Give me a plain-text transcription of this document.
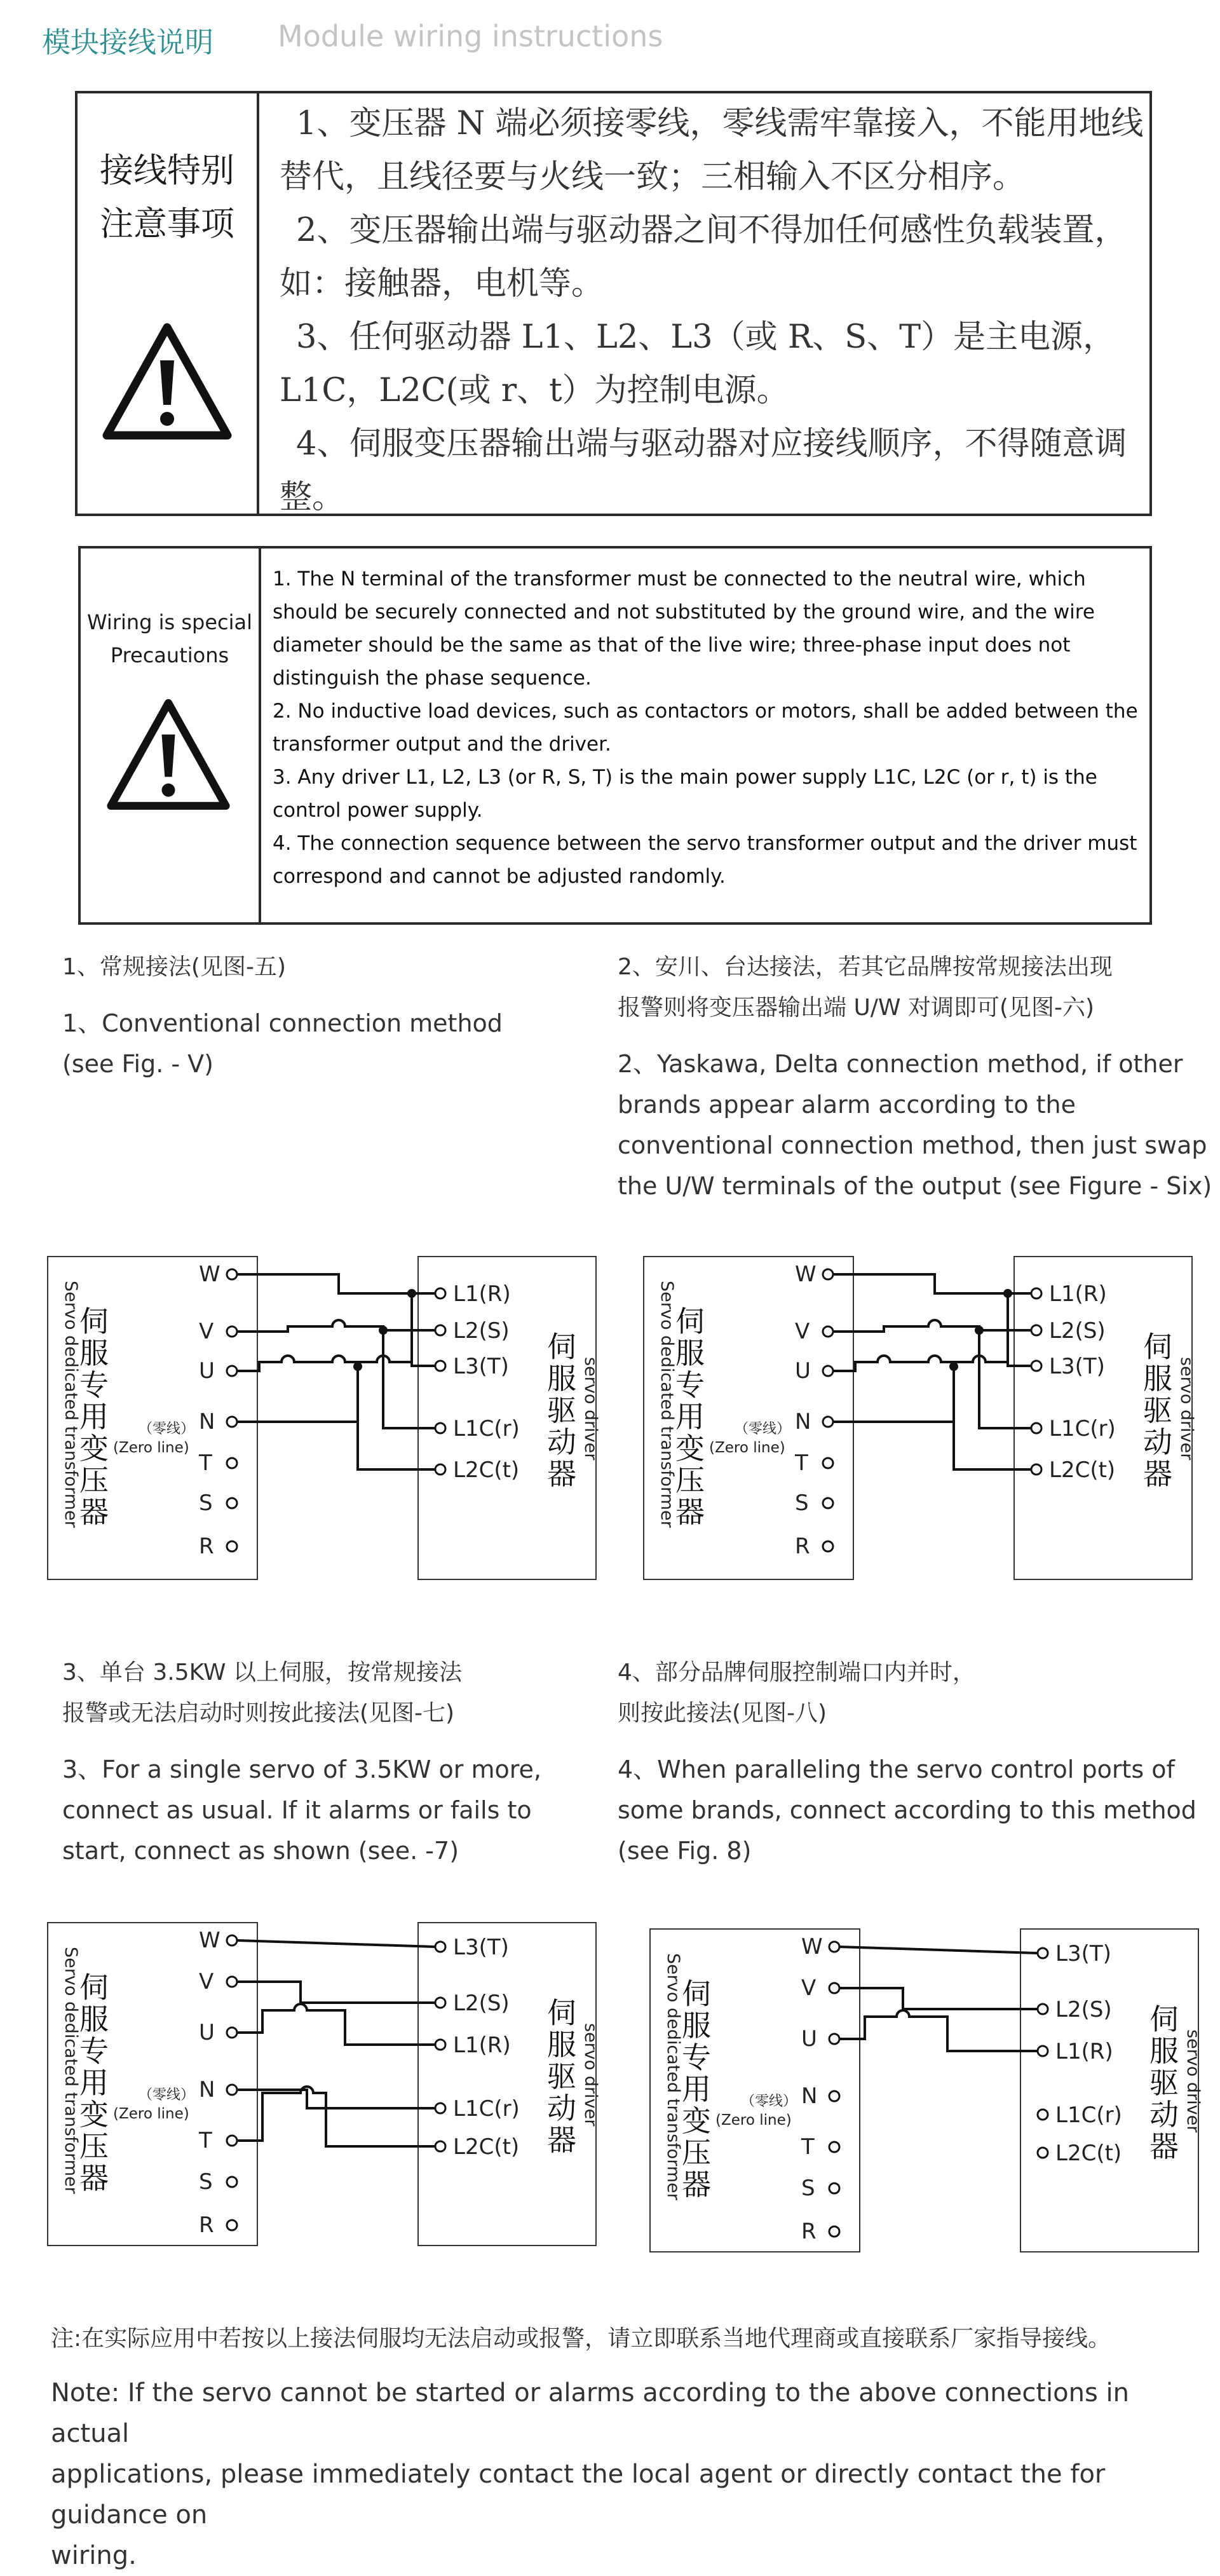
模块接线说明 Module wiring instructions
接线特别
注意事项

1、变压器 N 端必须接零线，零线需牢靠接入，不能用地线替代，且线径要与火线一致；三相输入不区分相序。

2、变压器输出端与驱动器之间不得加任何感性负载装置，如：接触器，电机等。

3、任何驱动器 L1、L2、L3（或 R、S、T）是主电源，L1C，L2C(或 r、t）为控制电源。

4、伺服变压器输出端与驱动器对应接线顺序，不得随意调整。

Wiring is special
Precautions

1. The N terminal of the transformer must be connected to the neutral wire, which should be securely connected and not substituted by the ground wire, and the wire diameter should be the same as that of the live wire; three-phase input does not distinguish the phase sequence.

2. No inductive load devices, such as contactors or motors, shall be added between the transformer output and the driver.

3. Any driver L1, L2, L3 (or R, S, T) is the main power supply L1C, L2C (or r, t) is the control power supply.

4. The connection sequence between the servo transformer output and the driver must correspond and cannot be adjusted randomly.

1、常规接法(见图-五)
1、Conventional connection method
(see Fig. - V)
2、安川、台达接法，若其它品牌按常规接法出现
报警则将变压器输出端 U/W 对调即可(见图-六)
2、Yaskawa, Delta connection method, if other
brands appear alarm according to the
conventional connection method, then just swap
the U/W terminals of the output (see Figure - Six)
Servo dedicated transformer
伺
服
专
用
变
压
器
（零线）
(Zero line)
伺
服
驱
动
器
servo driver
W
V
U
N
T
S
R
L1(R)
L2(S)
L3(T)
L1C(r)
L2C(t)	Servo dedicated transformer
伺
服
专
用
变
压
器
（零线）
(Zero line)
伺
服
驱
动
器
servo driver
W
V
U
N
T
S
R
L1(R)
L2(S)
L3(T)
L1C(r)
L2C(t)
3、单台 3.5KW 以上伺服，按常规接法
报警或无法启动时则按此接法(见图-七)
3、For a single servo of 3.5KW or more,
connect as usual. If it alarms or fails to
start, connect as shown (see. -7)
4、部分品牌伺服控制端口内并时，
则按此接法(见图-八)
4、When paralleling the servo control ports of
some brands, connect according to this method
(see Fig. 8)
Servo dedicated transformer
伺
服
专
用
变
压
器
（零线）
(Zero line)
伺
服
驱
动
器
servo driver
W
V
U
N
T
S
R
L3(T)
L2(S)
L1(R)
L1C(r)
L2C(t)	Servo dedicated transformer
伺
服
专
用
变
压
器
（零线）
(Zero line)
伺
服
驱
动
器
servo driver
W
V
U
N
T
S
R
L3(T)
L2(S)
L1(R)
L1C(r)
L2C(t)
注:在实际应用中若按以上接法伺服均无法启动或报警，请立即联系当地代理商或直接联系厂家指导接线。
Note: If the servo cannot be started or alarms according to the above connections in actual
applications, please immediately contact the local agent or directly contact the for guidance on
wiring.
